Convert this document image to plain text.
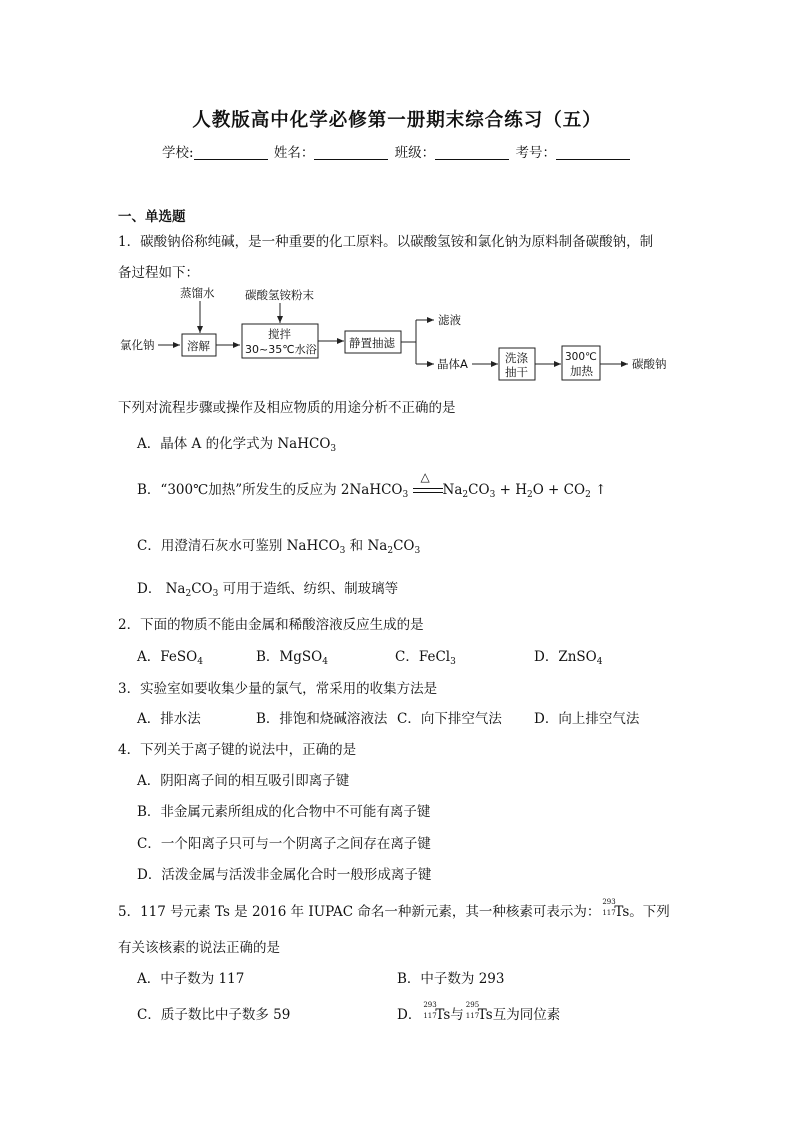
人教版高中化学必修第一册期末综合练习（五）
学校:	姓名：	班级：	考号：
一、单选题
1．碳酸钠俗称纯碱，是一种重要的化工原料。以碳酸氢铵和氯化钠为原料制备碳酸钠，制
备过程如下：
氯化钠
蒸馏水
溶解
碳酸氢铵粉末
搅拌
30~35℃水浴	静置抽滤
滤液
晶体A	洗涤
抽干
300℃
加热	碳酸钠
下列对流程步骤或操作及相应物质的用途分析不正确的是
A．晶体 A 的化学式为 NaHCO$_3$
B．“300℃加热”所发生的反应为 2NaHCO$_3$
△
$Na_2CO_3 + H_2O + CO_2$ ↑
C．用澄清石灰水可鉴别 NaHCO$_3$ 和 $Na_2CO_3$
D． $Na_2CO_3$ 可用于造纸、纺织、制玻璃等
2．下面的物质不能由金属和稀酸溶液反应生成的是
A．FeSO$_4$	B．MgSO$_4$	C．FeCl$_3$	D．ZnSO$_4$
3．实验室如要收集少量的氯气，常采用的收集方法是
A．排水法	B．排饱和烧碱溶液法 C．向下排空气法 D．向上排空气法
4．下列关于离子键的说法中，正确的是
A．阴阳离子间的相互吸引即离子键
B．非金属元素所组成的化合物中不可能有离子键
C．一个阳离子只可与一个阴离子之间存在离子键
D．活泼金属与活泼非金属化合时一般形成离子键
5．117 号元素 Ts 是 2016 年 IUPAC 命名一种新元素，其一种核素可表示为：
293
117
Ts。下列
有关该核素的说法正确的是
A．中子数为 117	B．中子数为 293
C．质子数比中子数多 59	D．
293
117
Ts与
295
117
Ts互为同位素
